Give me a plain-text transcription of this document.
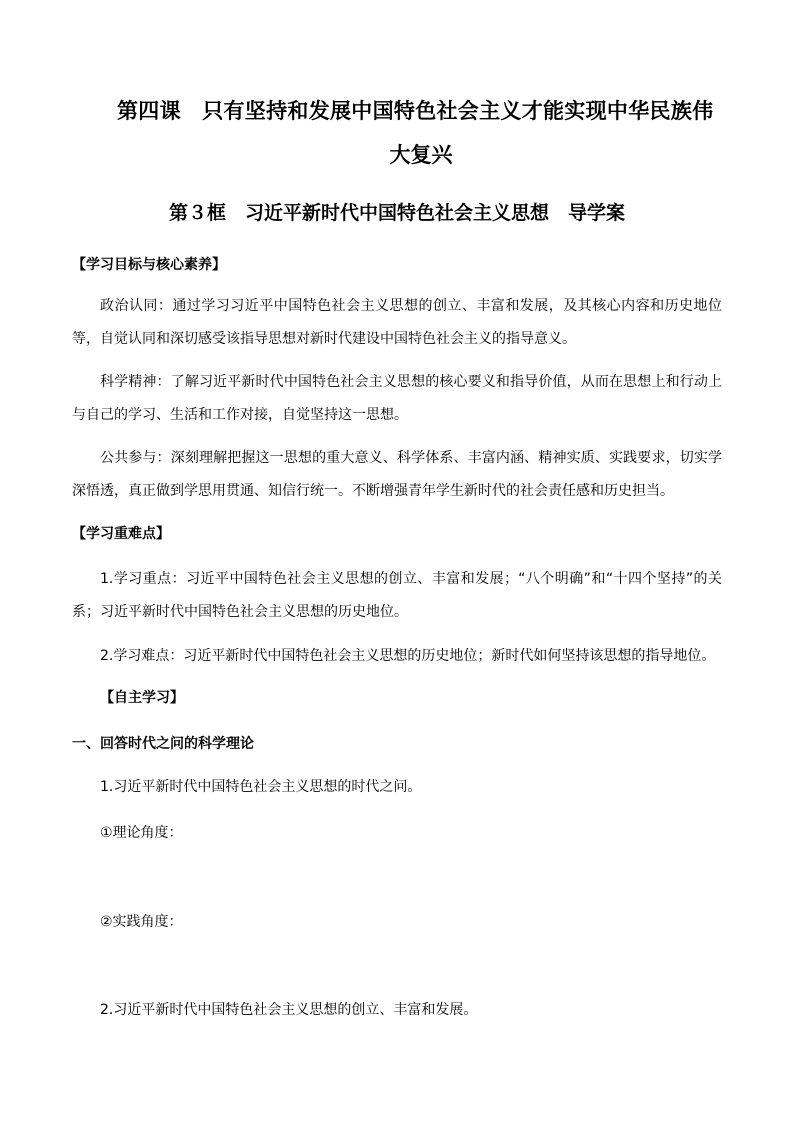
第四课　只有坚持和发展中国特色社会主义才能实现中华民族伟

大复兴

第３框　习近平新时代中国特色社会主义思想　导学案

【学习目标与核心素养】

政治认同：通过学习习近平中国特色社会主义思想的创立、丰富和发展，及其核心内容和历史地位等，自觉认同和深切感受该指导思想对新时代建设中国特色社会主义的指导意义。

科学精神：了解习近平新时代中国特色社会主义思想的核心要义和指导价值，从而在思想上和行动上与自己的学习、生活和工作对接，自觉坚持这一思想。

公共参与：深刻理解把握这一思想的重大意义、科学体系、丰富内涵、精神实质、实践要求，切实学深悟透，真正做到学思用贯通、知信行统一。不断增强青年学生新时代的社会责任感和历史担当。

【学习重难点】

1.学习重点：习近平中国特色社会主义思想的创立、丰富和发展；“八个明确”和“十四个坚持”的关系；习近平新时代中国特色社会主义思想的历史地位。

2.学习难点：习近平新时代中国特色社会主义思想的历史地位；新时代如何坚持该思想的指导地位。

【自主学习】

一、回答时代之问的科学理论

1.习近平新时代中国特色社会主义思想的时代之问。

①理论角度：

②实践角度：

2.习近平新时代中国特色社会主义思想的创立、丰富和发展。
